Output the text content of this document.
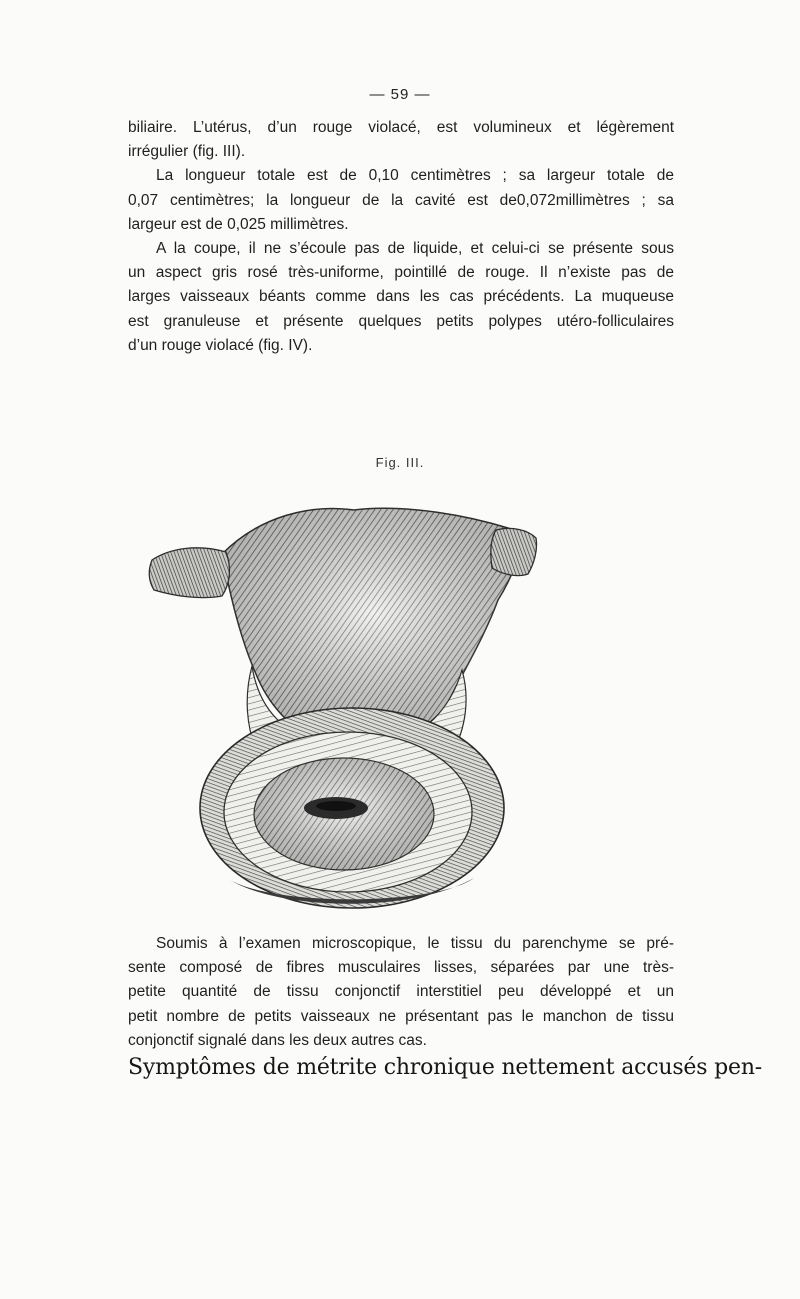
— 59 —
biliaire. L’utérus, d’un rouge violacé, est volumineux et légèrement
irrégulier (fig. III).
La longueur totale est de 0,10 centimètres ; sa largeur totale de
0,07 centimètres; la longueur de la cavité est de0,072millimètres ; sa
largeur est de 0,025 millimètres.
A la coupe, il ne s’écoule pas de liquide, et celui-ci se présente sous
un aspect gris rosé très-uniforme, pointillé de rouge. Il n’existe pas de
larges vaisseaux béants comme dans les cas précédents. La muqueuse
est granuleuse et présente quelques petits polypes utéro-folliculaires
d’un rouge violacé (fig. IV).
Fig. III.
Soumis à l’examen microscopique, le tissu du parenchyme se pré-
sente composé de fibres musculaires lisses, séparées par une très-
petite quantité de tissu conjonctif interstitiel peu développé et un
petit nombre de petits vaisseaux ne présentant pas le manchon de tissu
conjonctif signalé dans les deux autres cas.
Symptômes de métrite chronique nettement accusés pen-
